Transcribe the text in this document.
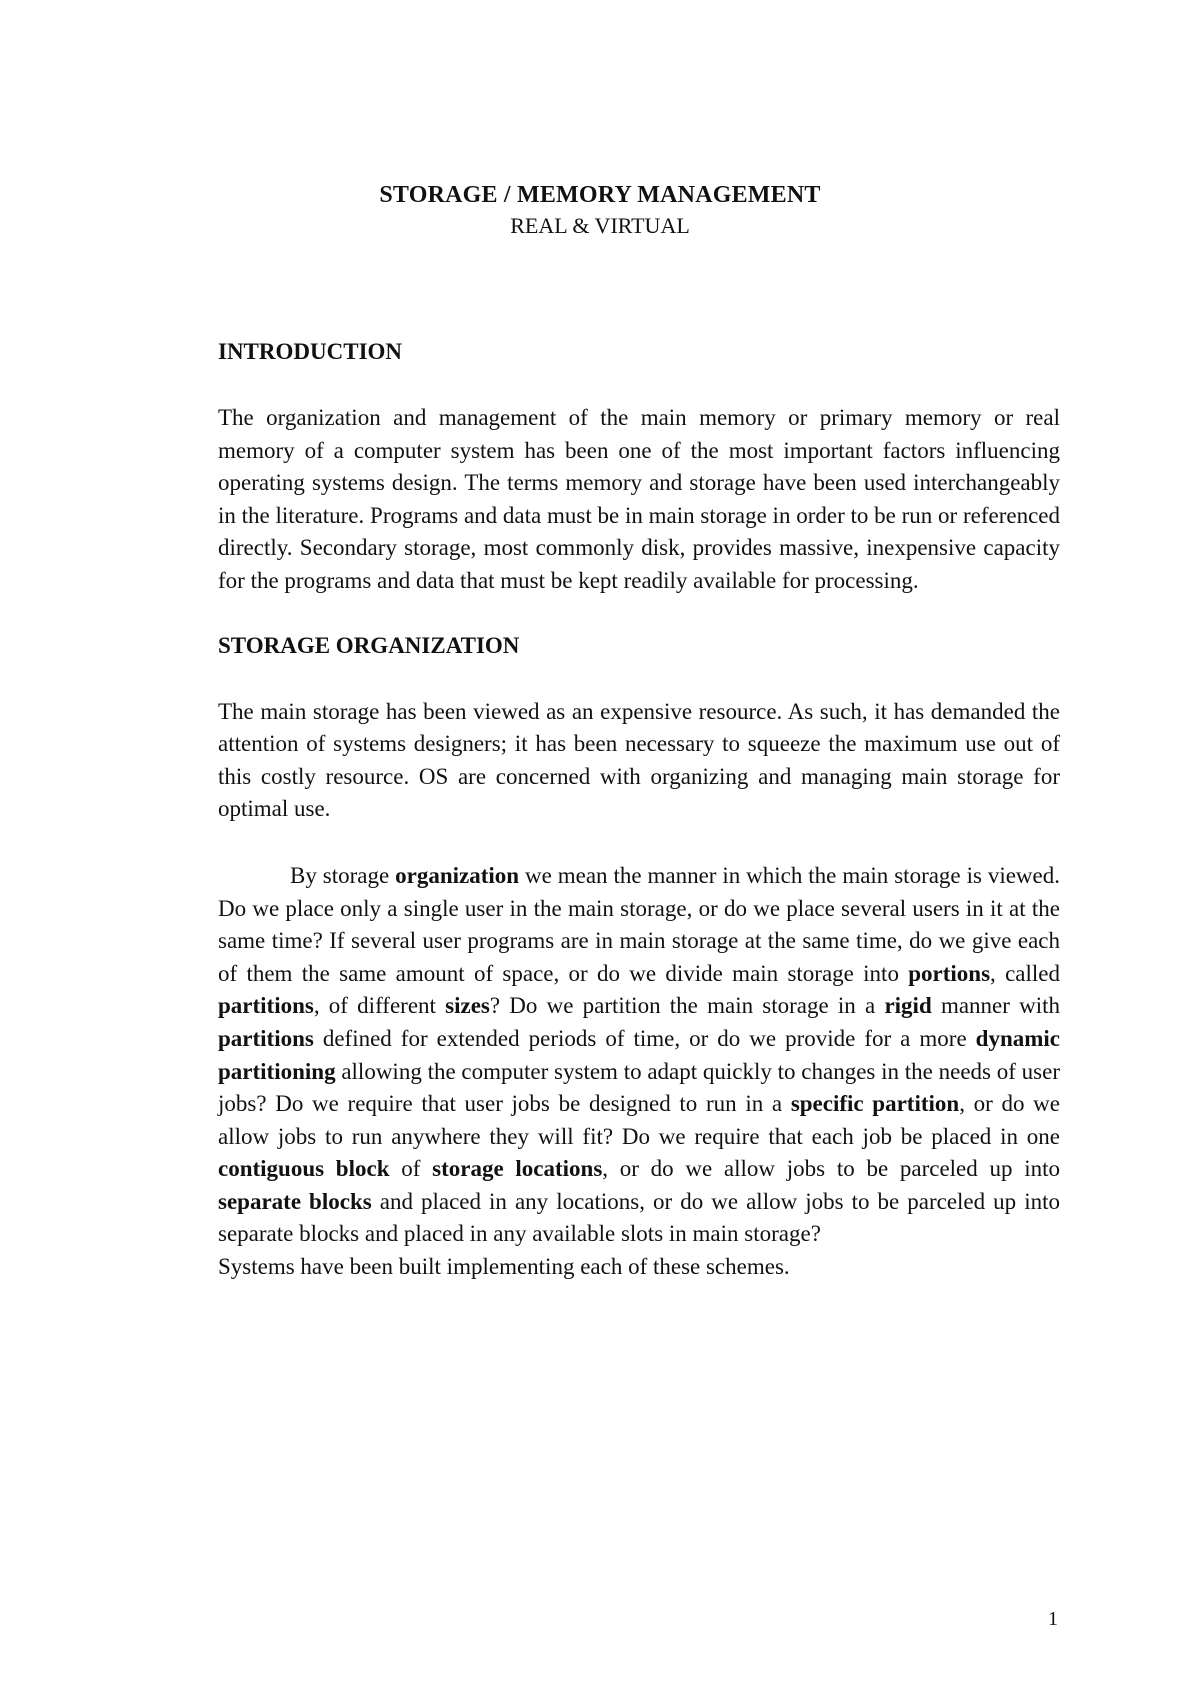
STORAGE / MEMORY MANAGEMENT
REAL & VIRTUAL
INTRODUCTION

The organization and management of the main memory or primary memory or real memory of a computer system has been one of the most important factors influencing operating systems design. The terms memory and storage have been used interchangeably in the literature. Programs and data must be in main storage in order to be run or referenced directly. Secondary storage, most commonly disk, provides massive, inexpensive capacity for the programs and data that must be kept readily available for processing.

STORAGE ORGANIZATION

The main storage has been viewed as an expensive resource. As such, it has demanded the attention of systems designers; it has been necessary to squeeze the maximum use out of this costly resource. OS are concerned with organizing and managing main storage for optimal use.

By storage organization we mean the manner in which the main storage is viewed. Do we place only a single user in the main storage, or do we place several users in it at the same time? If several user programs are in main storage at the same time, do we give each of them the same amount of space, or do we divide main storage into portions, called partitions, of different sizes? Do we partition the main storage in a rigid manner with partitions defined for extended periods of time, or do we provide for a more dynamic partitioning allowing the computer system to adapt quickly to changes in the needs of user jobs? Do we require that user jobs be designed to run in a specific partition, or do we allow jobs to run anywhere they will fit? Do we require that each job be placed in one contiguous block of storage locations, or do we allow jobs to be parceled up into separate blocks and placed in any locations, or do we allow jobs to be parceled up into separate blocks and placed in any available slots in main storage?

Systems have been built implementing each of these schemes.

1
